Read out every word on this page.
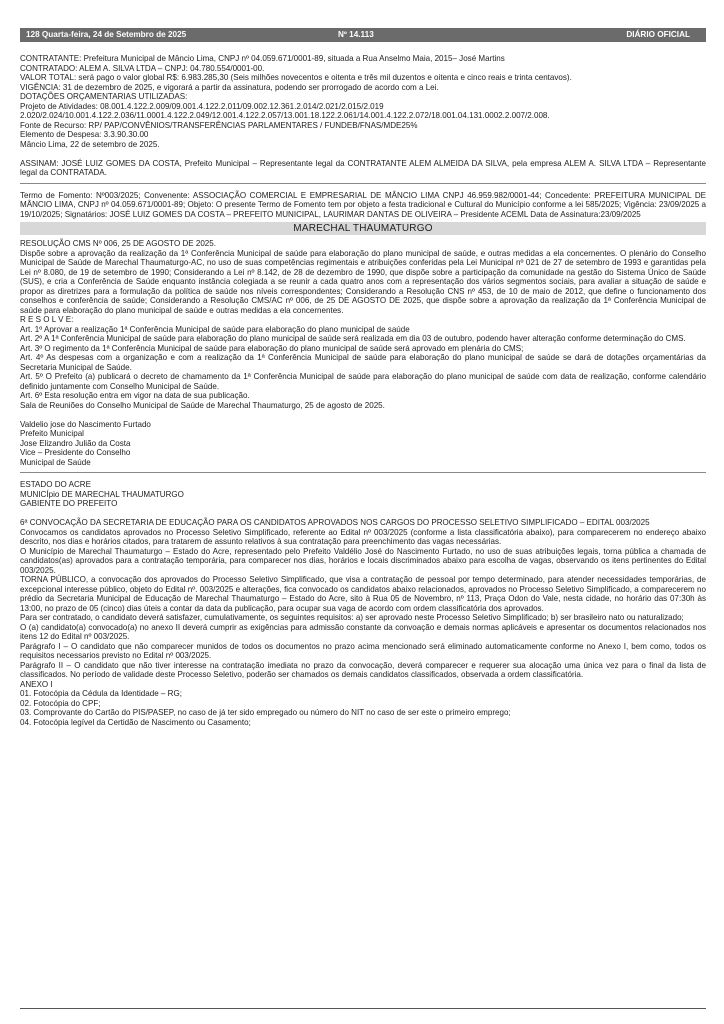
128 Quarta-feira, 24 de Setembro de 2025	Nº 14.113	DIÁRIO OFICIAL

CONTRATANTE: Prefeitura Municipal de Mâncio Lima, CNPJ nº 04.059.671/0001-89, situada a Rua Anselmo Maia, 2015– José Martins

CONTRATADO: ALEM A. SILVA LTDA – CNPJ: 04.780.554/0001-00.

VALOR TOTAL: será pago o valor global R$: 6.983.285,30 (Seis milhões novecentos e oitenta e três mil duzentos e oitenta e cinco reais e trinta centavos).

VIGÊNCIA: 31 de dezembro de 2025, e vigorará a partir da assinatura, podendo ser prorrogado de acordo com a Lei.

DOTAÇÕES ORÇAMENTARIAS UTILIZADAS:

Projeto de Atividades: 08.001.4.122.2.009/09.001.4.122.2.011/09.002.12.361.2.014/2.021/2.015/2.019

2.020/2.024/10.001.4.122.2.036/11.0001.4.122.2.049/12.001.4.122.2.057/13.001.18.122.2.061/14.001.4.122.2.072/18.001.04.131.0002.2.007/2.008.

Fonte de Recurso: RP/ PAP/CONVÊNIOS/TRANSFERÊNCIAS PARLAMENTARES / FUNDEB/FNAS/MDE25%

Elemento de Despesa: 3.3.90.30.00

Mâncio Lima, 22 de setembro de 2025.

ASSINAM: JOSÉ LUIZ GOMES DA COSTA, Prefeito Municipal – Representante legal da CONTRATANTE ALEM ALMEIDA DA SILVA, pela empresa ALEM A. SILVA LTDA – Representante legal da CONTRATADA.

Termo de Fomento: Nº003/2025; Convenente: ASSOCIAÇÃO COMERCIAL E EMPRESARIAL DE MÂNCIO LIMA CNPJ 46.959.982/0001-44; Concedente: PREFEITURA MUNICIPAL DE MÂNCIO LIMA, CNPJ nº 04.059.671/0001-89; Objeto: O presente Termo de Fomento tem por objeto a festa tradicional e Cultural do Município conforme a lei 585/2025; Vigência: 23/09/2025 a 19/10/2025; Signatários: JOSÉ LUIZ GOMES DA COSTA – PREFEITO MUNICIPAL, LAURIMAR DANTAS DE OLIVEIRA – Presidente ACEML Data de Assinatura:23/09/2025

MARECHAL THAUMATURGO

RESOLUÇÃO CMS Nº 006, 25 DE AGOSTO DE 2025.

Dispõe sobre a aprovação da realização da 1ª Conferência Municipal de saúde para elaboração do plano municipal de saúde, e outras medidas a ela concernentes. O plenário do Conselho Municipal de Saúde de Marechal Thaumaturgo-AC, no uso de suas competências regimentais e atribuições conferidas pela Lei Municipal nº 021 de 27 de setembro de 1993 e garantidas pela Lei nº 8.080, de 19 de setembro de 1990; Considerando a Lei nº 8.142, de 28 de dezembro de 1990, que dispõe sobre a participação da comunidade na gestão do Sistema Único de Saúde (SUS), e cria a Conferência de Saúde enquanto instância colegiada a se reunir a cada quatro anos com a representação dos vários segmentos sociais, para avaliar a situação de saúde e propor as diretrizes para a formulação da política de saúde nos níveis correspondentes; Considerando a Resolução CNS nº 453, de 10 de maio de 2012, que define o funcionamento dos conselhos e conferência de saúde; Considerando a Resolução CMS/AC nº 006, de 25 DE AGOSTO DE 2025, que dispõe sobre a aprovação da realização da 1ª Conferência Municipal de saúde para elaboração do plano municipal de saúde e outras medidas a ela concernentes.

R E S O L V E:

Art. 1º Aprovar a realização 1ª Conferência Municipal de saúde para elaboração do plano municipal de saúde

Art. 2º A 1ª Conferência Municipal de saúde para elaboração do plano municipal de saúde será realizada em dia 03 de outubro, podendo haver alteração conforme determinação do CMS.

Art. 3º O regimento da 1ª Conferência Municipal de saúde para elaboração do plano municipal de saúde será aprovado em plenária do CMS;

Art. 4º As despesas com a organização e com a realização da 1ª Conferência Municipal de saúde para elaboração do plano municipal de saúde se dará de dotações orçamentárias da Secretaria Municipal de Saúde.

Art. 5º O Prefeito (a) publicará o decreto de chamamento da 1ª Conferência Municipal de saúde para elaboração do plano municipal de saúde com data de realização, conforme calendário definido juntamente com Conselho Municipal de Saúde.

Art. 6º Esta resolução entra em vigor na data de sua publicação.

Sala de Reuniões do Conselho Municipal de Saúde de Marechal Thaumaturgo, 25 de agosto de 2025.

Valdelio jose do Nascimento Furtado

Prefeito Municipal

Jose Elizandro Julião da Costa

Vice – Presidente do Conselho

Municipal de Saúde

ESTADO DO ACRE

MUNICÍpio DE MARECHAL THAUMATURGO

GABIENTE DO PREFEITO

6ª CONVOCAÇÃO DA SECRETARIA DE EDUCAÇÃO PARA OS CANDIDATOS APROVADOS NOS CARGOS DO PROCESSO SELETIVO SIMPLIFICADO – EDITAL 003/2025

Convocamos os candidatos aprovados no Processo Seletivo Simplificado, referente ao Edital nº 003/2025 (conforme a lista classificatória abaixo), para comparecerem no endereço abaixo descrito, nos dias e horários citados, para tratarem de assunto relativos à sua contratação para preenchimento das vagas necessárias.

O Município de Marechal Thaumaturgo – Estado do Acre, representado pelo Prefeito Valdélio José do Nascimento Furtado, no uso de suas atribuições legais, torna pública a chamada de candidatos(as) aprovados para a contratação temporária, para comparecer nos dias, horários e locais discriminados abaixo para escolha de vagas, observando os itens pertinentes do Edital 003/2025.

TORNA PÚBLICO, a convocação dos aprovados do Processo Seletivo Simplificado, que visa a contratação de pessoal por tempo determinado, para atender necessidades temporárias, de excepcional interesse público, objeto do Edital nº. 003/2025 e alterações, fica convocado os candidatos abaixo relacionados, aprovados no Processo Seletivo Simplificado, a comparecerem no prédio da Secretaria Municipal de Educação de Marechal Thaumaturgo – Estado do Acre, sito à Rua 05 de Novembro, nº 113, Praça Odon do Vale, nesta cidade, no horário das 07:30h às 13:00, no prazo de 05 (cinco) dias úteis a contar da data da publicação, para ocupar sua vaga de acordo com ordem classificatória dos aprovados.

Para ser contratado, o candidato deverá satisfazer, cumulativamente, os seguintes requisitos: a) ser aprovado neste Processo Seletivo Simplificado; b) ser brasileiro nato ou naturalizado;

O (a) candidato(a) convocado(a) no anexo II deverá cumprir as exigências para admissão constante da convoação e demais normas aplicáveis e apresentar os documentos relacionados nos itens 12 do Edital nº 003/2025.

Parágrafo I – O candidato que não comparecer munidos de todos os documentos no prazo acima mencionado será eliminado automaticamente conforme no Anexo I, bem como, todos os requisitos necessarios previsto no Edital nº 003/2025.

Parágrafo II – O candidato que não tiver interesse na contratação imediata no prazo da convocação, deverá comparecer e requerer sua alocação uma única vez para o final da lista de classificados. No período de validade deste Processo Seletivo, poderão ser chamados os demais candidatos classificados, observada a ordem classificatória.

ANEXO I

01. Fotocópia da Cédula da Identidade – RG;

02. Fotocópia do CPF;

03. Comprovante do Cartão do PIS/PASEP, no caso de já ter sido empregado ou número do NIT no caso de ser este o primeiro emprego;

04. Fotocópia legível da Certidão de Nascimento ou Casamento;
